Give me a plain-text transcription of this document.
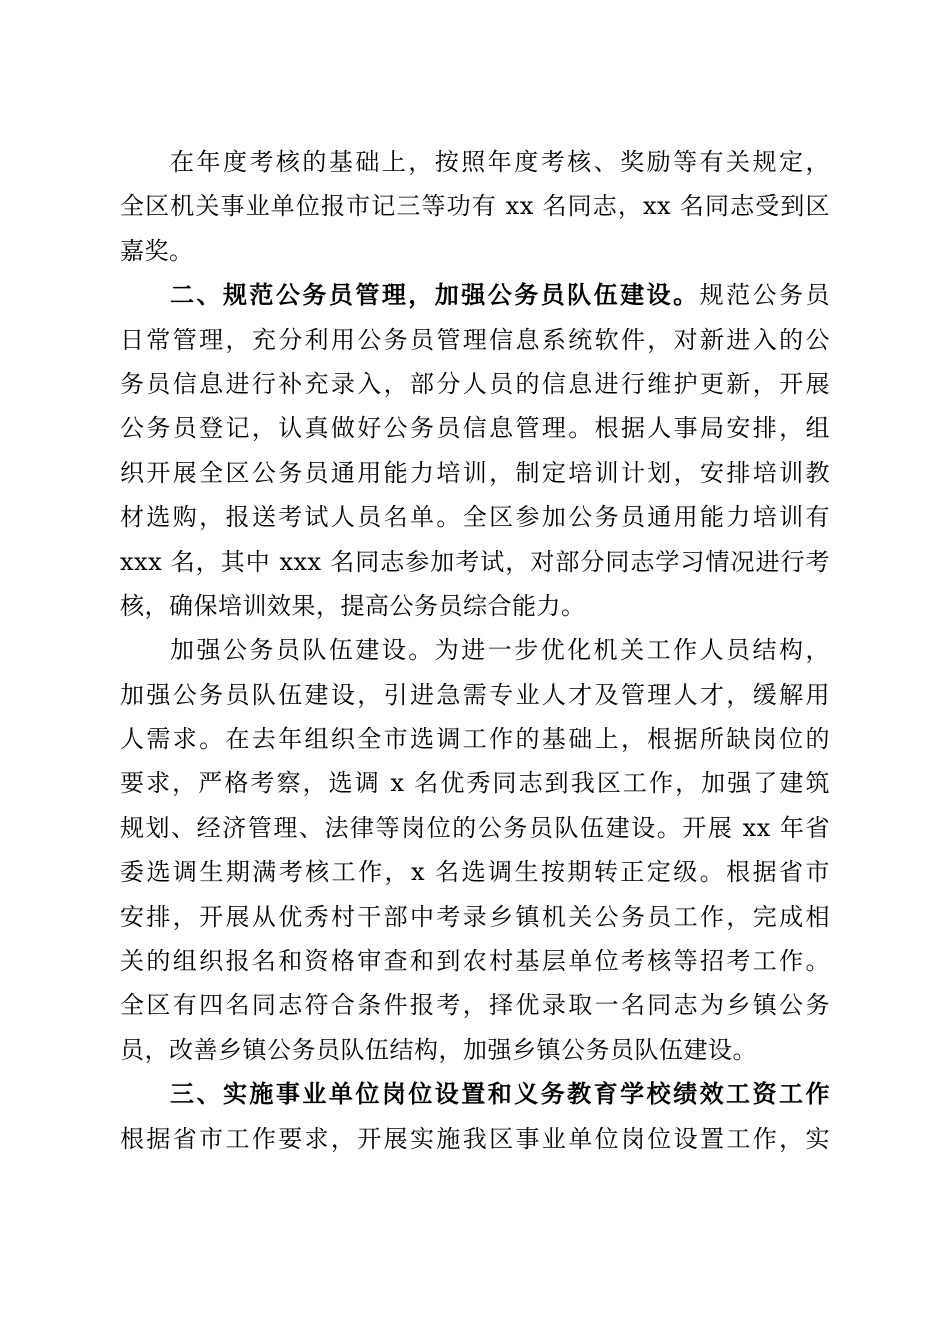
在年度考核的基础上，按照年度考核、奖励等有关规定，
全区机关事业单位报市记三等功有 xx 名同志，xx 名同志受到区
嘉奖。
二、规范公务员管理，加强公务员队伍建设。规范公务员
日常管理，充分利用公务员管理信息系统软件，对新进入的公
务员信息进行补充录入，部分人员的信息进行维护更新，开展
公务员登记，认真做好公务员信息管理。根据人事局安排，组
织开展全区公务员通用能力培训，制定培训计划，安排培训教
材选购，报送考试人员名单。全区参加公务员通用能力培训有
xxx 名，其中 xxx 名同志参加考试，对部分同志学习情况进行考
核，确保培训效果，提高公务员综合能力。
加强公务员队伍建设。为进一步优化机关工作人员结构，
加强公务员队伍建设，引进急需专业人才及管理人才，缓解用
人需求。在去年组织全市选调工作的基础上，根据所缺岗位的
要求，严格考察，选调 x 名优秀同志到我区工作，加强了建筑
规划、经济管理、法律等岗位的公务员队伍建设。开展 xx 年省
委选调生期满考核工作，x 名选调生按期转正定级。根据省市
安排，开展从优秀村干部中考录乡镇机关公务员工作，完成相
关的组织报名和资格审查和到农村基层单位考核等招考工作。
全区有四名同志符合条件报考，择优录取一名同志为乡镇公务
员，改善乡镇公务员队伍结构，加强乡镇公务员队伍建设。
三、实施事业单位岗位设置和义务教育学校绩效工资工作
根据省市工作要求，开展实施我区事业单位岗位设置工作，实
